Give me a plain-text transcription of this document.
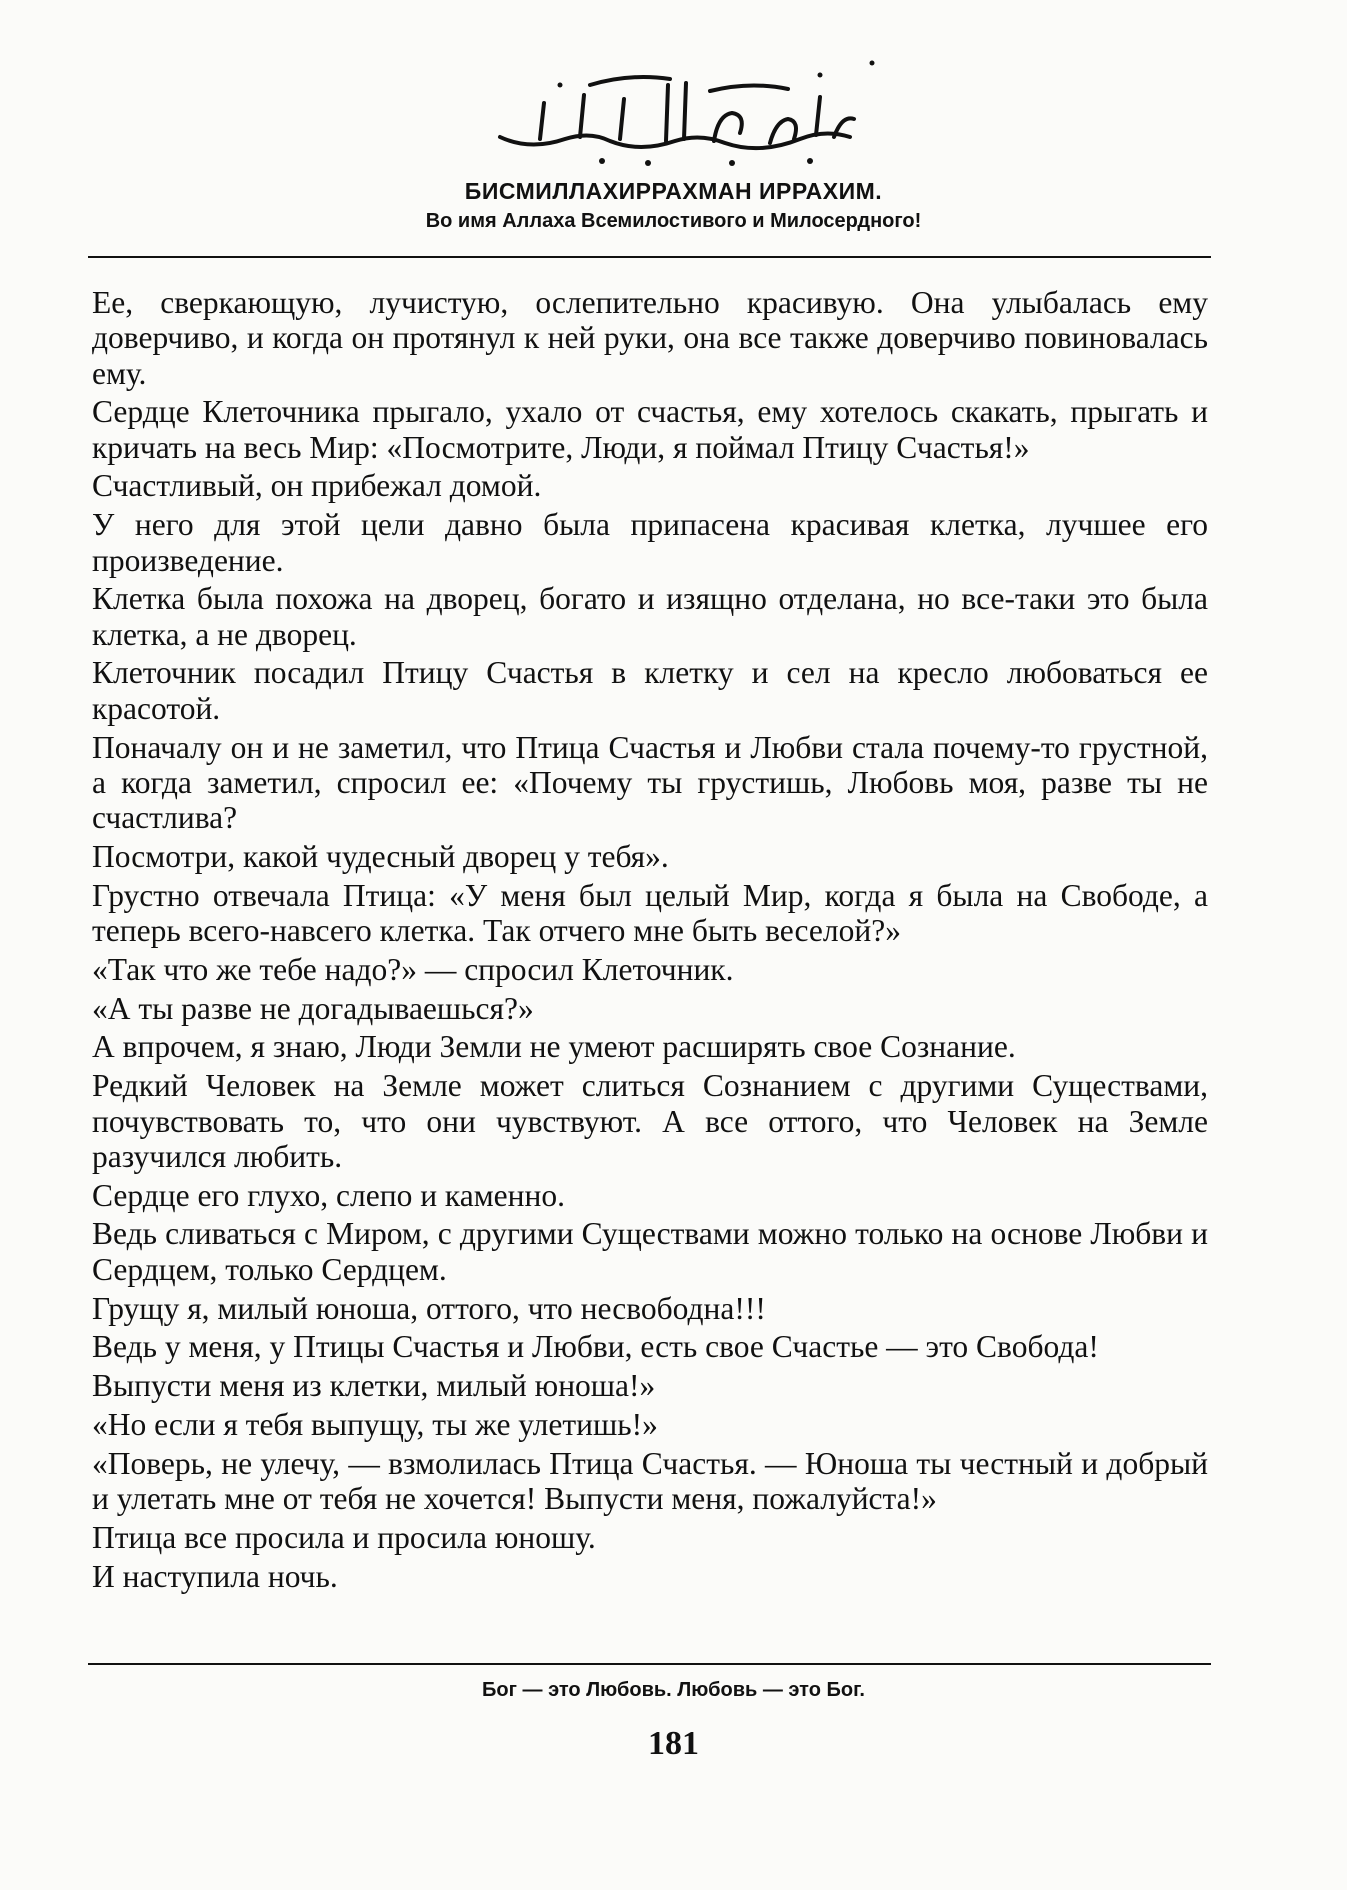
БИСМИЛЛАХИРРАХМАН ИРРАХИМ.
Во имя Аллаха Всемилостивого и Милосердного!

Ее, сверкающую, лучистую, ослепительно красивую. Она улыбалась ему доверчиво, и когда он протянул к ней руки, она все также доверчиво повиновалась ему.

Сердце Клеточника прыгало, ухало от счастья, ему хотелось скакать, прыгать и кричать на весь Мир: «Посмотрите, Люди, я поймал Птицу Счастья!»

Счастливый, он прибежал домой.

У него для этой цели давно была припасена красивая клетка, лучшее его произведение.

Клетка была похожа на дворец, богато и изящно отделана, но все-таки это была клетка, а не дворец.

Клеточник посадил Птицу Счастья в клетку и сел на кресло любоваться ее красотой.

Поначалу он и не заметил, что Птица Счастья и Любви стала почему-то грустной, а когда заметил, спросил ее: «Почему ты грустишь, Любовь моя, разве ты не счастлива?

Посмотри, какой чудесный дворец у тебя».

Грустно отвечала Птица: «У меня был целый Мир, когда я была на Свободе, а теперь всего-навсего клетка. Так отчего мне быть веселой?»

«Так что же тебе надо?» — спросил Клеточник.

«А ты разве не догадываешься?»

А впрочем, я знаю, Люди Земли не умеют расширять свое Сознание.

Редкий Человек на Земле может слиться Сознанием с другими Существами, почувствовать то, что они чувствуют. А все оттого, что Человек на Земле разучился любить.

Сердце его глухо, слепо и каменно.

Ведь сливаться с Миром, с другими Существами можно только на основе Любви и Сердцем, только Сердцем.

Грущу я, милый юноша, оттого, что несвободна!!!

Ведь у меня, у Птицы Счастья и Любви, есть свое Счастье — это Свобода!

Выпусти меня из клетки, милый юноша!»

«Но если я тебя выпущу, ты же улетишь!»

«Поверь, не улечу, — взмолилась Птица Счастья. — Юноша ты честный и добрый и улетать мне от тебя не хочется! Выпусти меня, пожалуйста!»

Птица все просила и просила юношу.

И наступила ночь.

Бог — это Любовь. Любовь — это Бог.
181
